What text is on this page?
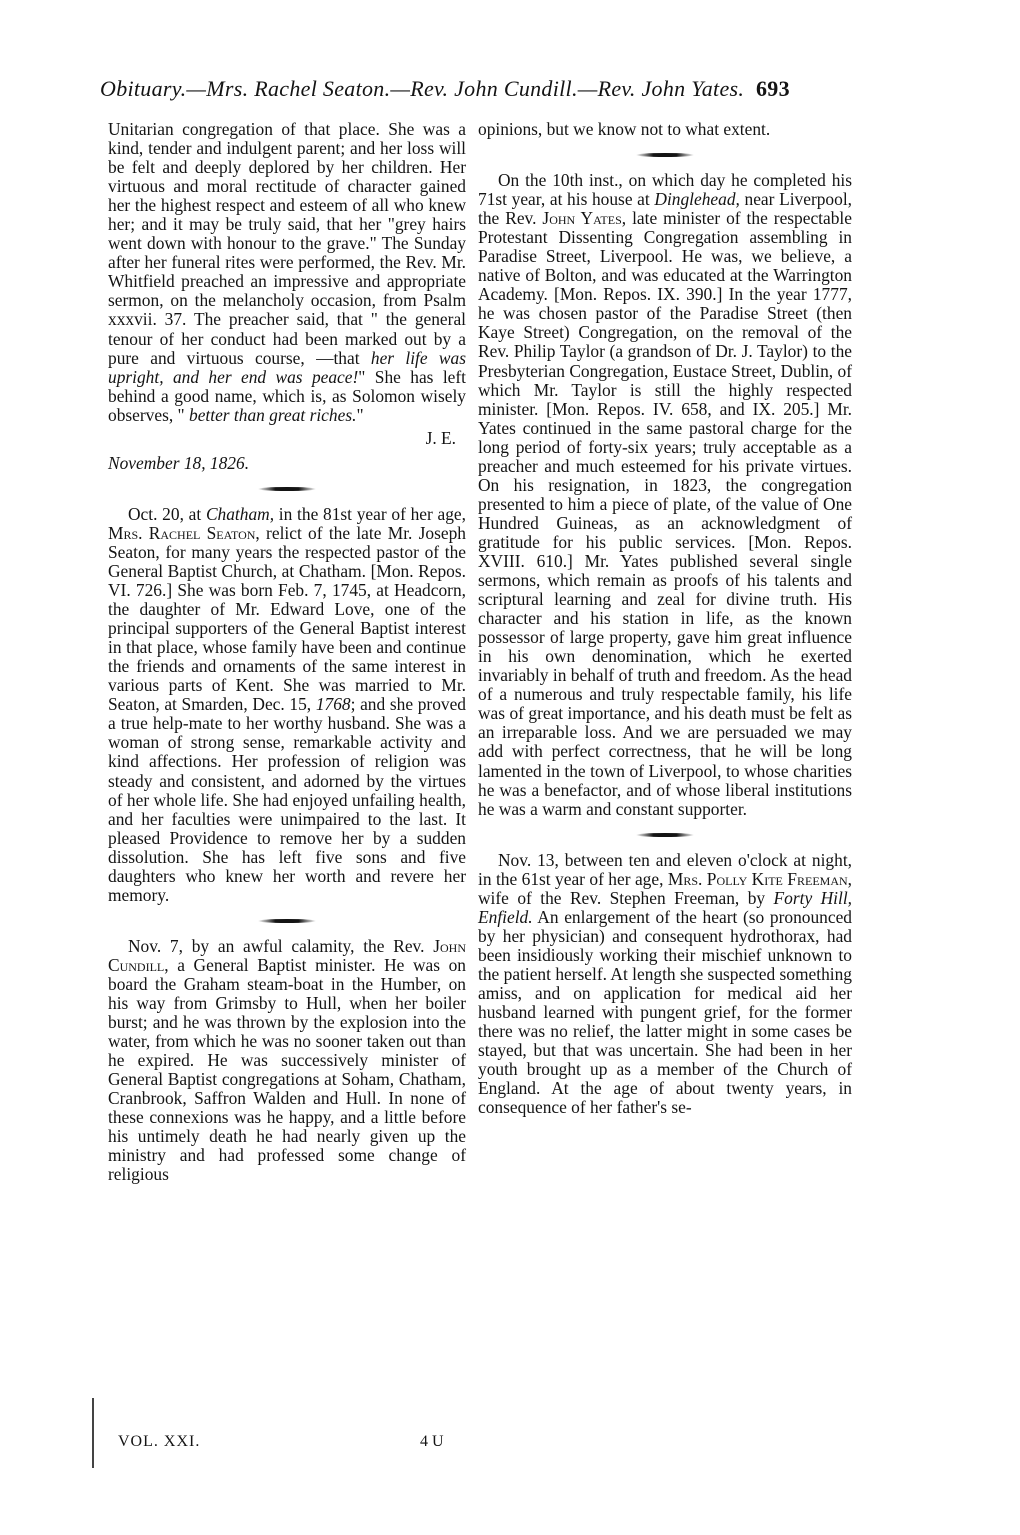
Obituary.—Mrs. Rachel Seaton.—Rev. John Cundill.—Rev. John Yates. 693

Unitarian congregation of that place. She was a kind, tender and indulgent parent; and her loss will be felt and deeply deplored by her children. Her virtuous and moral rectitude of character gained her the highest respect and esteem of all who knew her; and it may be truly said, that her "grey hairs went down with honour to the grave." The Sunday after her funeral rites were performed, the Rev. Mr. Whitfield preached an impressive and appropriate sermon, on the melancholy occasion, from Psalm xxxvii. 37. The preacher said, that " the general tenour of her conduct had been marked out by a pure and virtuous course, —that her life was upright, and her end was peace!" She has left behind a good name, which is, as Solomon wisely observes, " better than great riches."

J. E.

November 18, 1826.

Oct. 20, at Chatham, in the 81st year of her age, Mrs. Rachel Seaton, relict of the late Mr. Joseph Seaton, for many years the respected pastor of the General Baptist Church, at Chatham. [Mon. Repos. VI. 726.] She was born Feb. 7, 1745, at Headcorn, the daughter of Mr. Edward Love, one of the principal supporters of the General Baptist interest in that place, whose family have been and continue the friends and ornaments of the same interest in various parts of Kent. She was married to Mr. Seaton, at Smarden, Dec. 15, 1768; and she proved a true help-mate to her worthy husband. She was a woman of strong sense, remarkable activity and kind affections. Her profession of religion was steady and consistent, and adorned by the virtues of her whole life. She had enjoyed unfailing health, and her faculties were unimpaired to the last. It pleased Providence to remove her by a sudden dissolution. She has left five sons and five daughters who knew her worth and revere her memory.

Nov. 7, by an awful calamity, the Rev. John Cundill, a General Baptist minister. He was on board the Graham steam-boat in the Humber, on his way from Grimsby to Hull, when her boiler burst; and he was thrown by the explosion into the water, from which he was no sooner taken out than he expired. He was successively minister of General Baptist congregations at Soham, Chatham, Cranbrook, Saffron Walden and Hull. In none of these connexions was he happy, and a little before his untimely death he had nearly given up the ministry and had professed some change of religious

opinions, but we know not to what extent.

On the 10th inst., on which day he completed his 71st year, at his house at Dinglehead, near Liverpool, the Rev. John Yates, late minister of the respectable Protestant Dissenting Congregation assembling in Paradise Street, Liverpool. He was, we believe, a native of Bolton, and was educated at the Warrington Academy. [Mon. Repos. IX. 390.] In the year 1777, he was chosen pastor of the Paradise Street (then Kaye Street) Congregation, on the removal of the Rev. Philip Taylor (a grandson of Dr. J. Taylor) to the Presbyterian Congregation, Eustace Street, Dublin, of which Mr. Taylor is still the highly respected minister. [Mon. Repos. IV. 658, and IX. 205.] Mr. Yates continued in the same pastoral charge for the long period of forty-six years; truly acceptable as a preacher and much esteemed for his private virtues. On his resignation, in 1823, the congregation presented to him a piece of plate, of the value of One Hundred Guineas, as an acknowledgment of gratitude for his public services. [Mon. Repos. XVIII. 610.] Mr. Yates published several single sermons, which remain as proofs of his talents and scriptural learning and zeal for divine truth. His character and his station in life, as the known possessor of large property, gave him great influence in his own denomination, which he exerted invariably in behalf of truth and freedom. As the head of a numerous and truly respectable family, his life was of great importance, and his death must be felt as an irreparable loss. And we are persuaded we may add with perfect correctness, that he will be long lamented in the town of Liverpool, to whose charities he was a benefactor, and of whose liberal institutions he was a warm and constant supporter.

Nov. 13, between ten and eleven o'clock at night, in the 61st year of her age, Mrs. Polly Kite Freeman, wife of the Rev. Stephen Freeman, by Forty Hill, Enfield. An enlargement of the heart (so pronounced by her physician) and consequent hydrothorax, had been insidiously working their mischief unknown to the patient herself. At length she suspected something amiss, and on application for medical aid her husband learned with pungent grief, for the former there was no relief, the latter might in some cases be stayed, but that was uncertain. She had been in her youth brought up as a member of the Church of England. At the age of about twenty years, in consequence of her father's se-

VOL. XXI.	4 U
